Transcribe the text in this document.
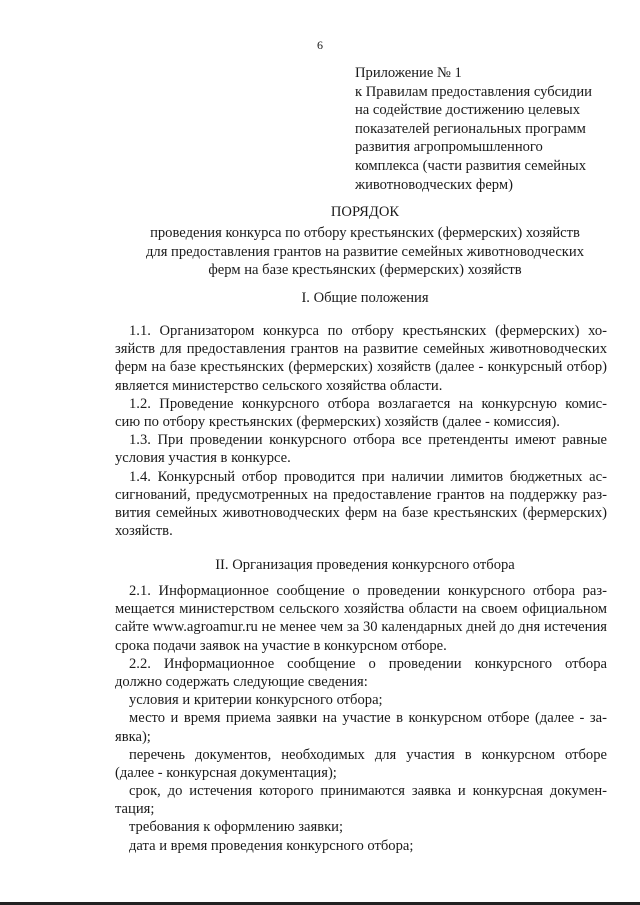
6
Приложение № 1
к Правилам предоставления субсидии
на содействие достижению целевых
показателей региональных программ
развития агропромышленного
комплекса (части развития семейных
животноводческих ферм)
ПОРЯДОК
проведения конкурса по отбору крестьянских (фермерских) хозяйств
для предоставления грантов на развитие семейных животноводческих
ферм на базе крестьянских (фермерских) хозяйств
I. Общие положения
1.1. Организатором конкурса по отбору крестьянских (фермерских) хо-
зяйств для предоставления грантов на развитие семейных животноводческих
ферм на базе крестьянских (фермерских) хозяйств (далее - конкурсный отбор)
является министерство сельского хозяйства области.
1.2. Проведение конкурсного отбора возлагается на конкурсную комис-
сию по отбору крестьянских (фермерских) хозяйств (далее - комиссия).
1.3. При проведении конкурсного отбора все претенденты имеют равные
условия участия в конкурсе.
1.4. Конкурсный отбор проводится при наличии лимитов бюджетных ас-
сигнований, предусмотренных на предоставление грантов на поддержку раз-
вития семейных животноводческих ферм на базе крестьянских (фермерских)
хозяйств.
II. Организация проведения конкурсного отбора
2.1. Информационное сообщение о проведении конкурсного отбора раз-
мещается министерством сельского хозяйства области на своем официальном
сайте www.agroamur.ru не менее чем за 30 календарных дней до дня истечения
срока подачи заявок на участие в конкурсном отборе.
2.2. Информационное сообщение о проведении конкурсного отбора
должно содержать следующие сведения:
условия и критерии конкурсного отбора;
место и время приема заявки на участие в конкурсном отборе (далее - за-
явка);
перечень документов, необходимых для участия в конкурсном отборе
(далее - конкурсная документация);
срок, до истечения которого принимаются заявка и конкурсная докумен-
тация;
требования к оформлению заявки;
дата и время проведения конкурсного отбора;
